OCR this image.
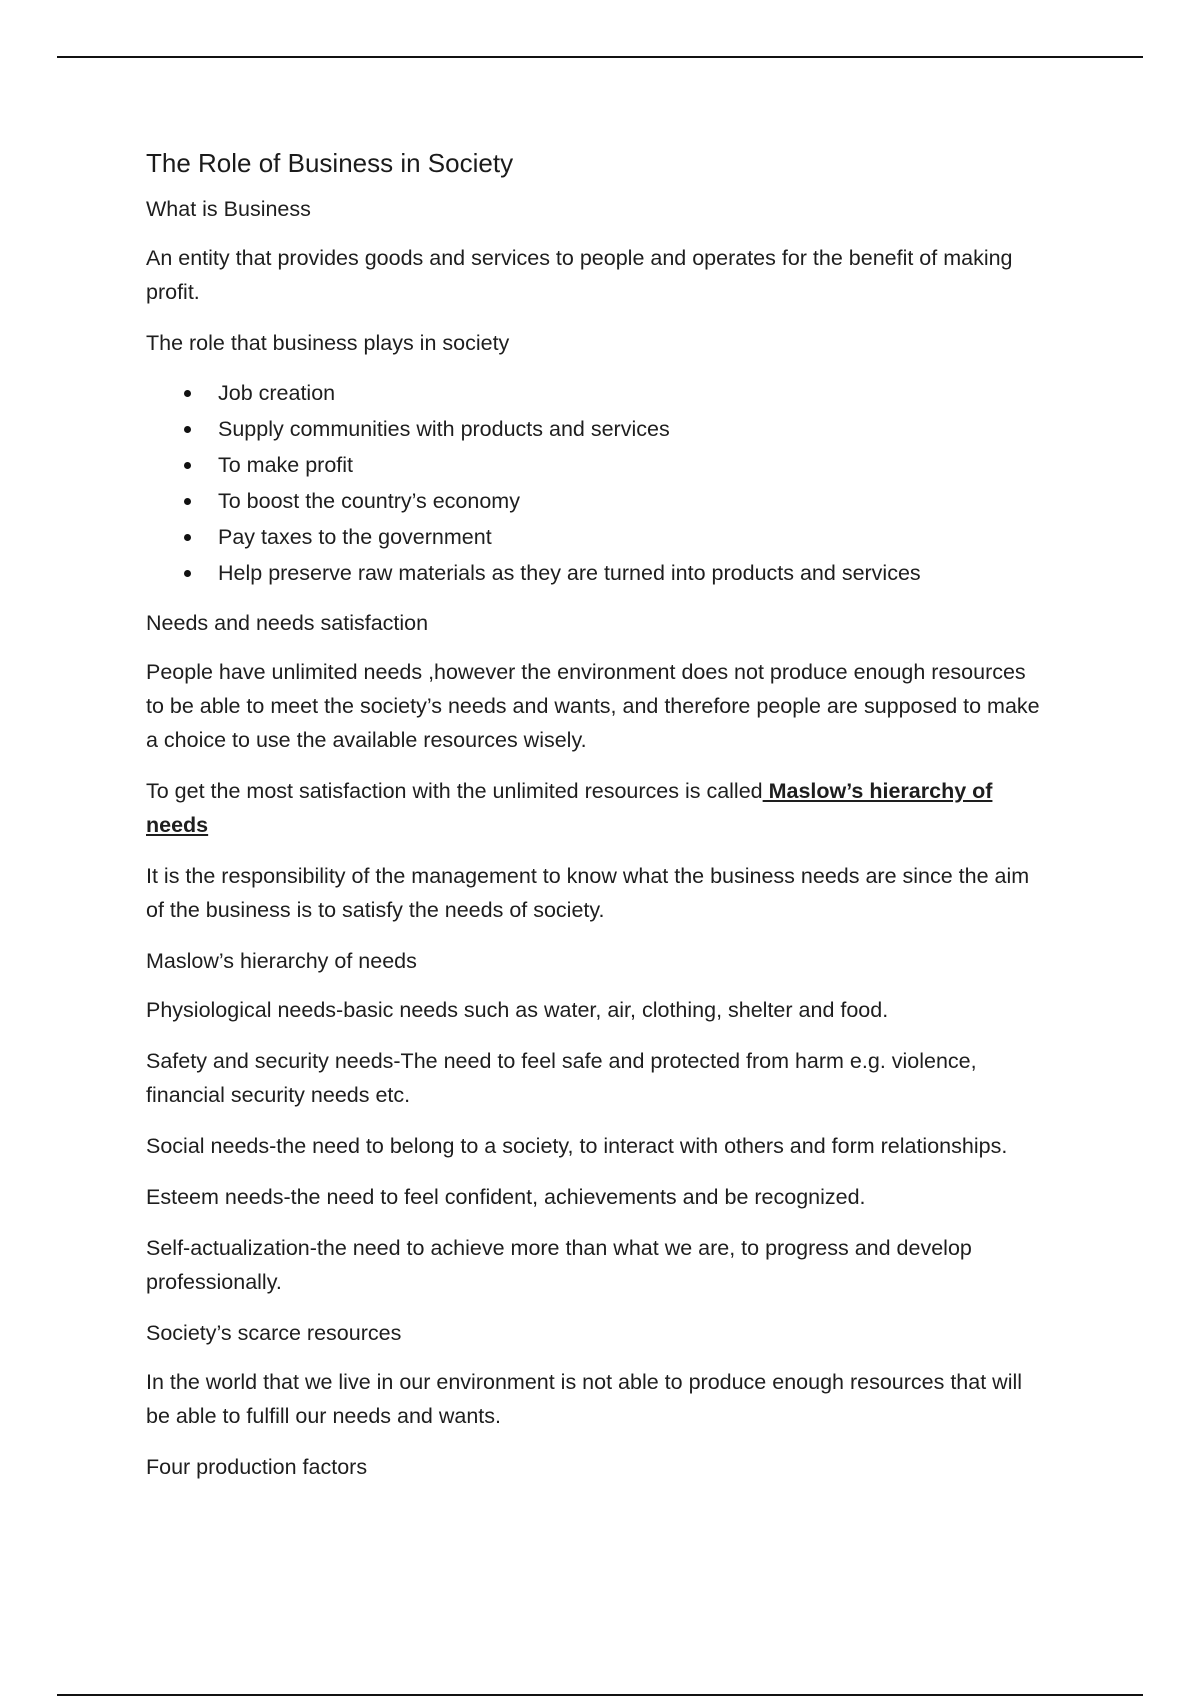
The Role of Business in Society

What is Business

An entity that provides goods and services to people and operates for the benefit of making profit.

The role that business plays in society

Job creation
Supply communities with products and services
To make profit
To boost the country’s economy
Pay taxes to the government
Help preserve raw materials as they are turned into products and services

Needs and needs satisfaction

People have unlimited needs ,however the environment does not produce enough resources to be able to meet the society’s needs and wants, and therefore people are supposed to make a choice to use the available resources wisely.

To get the most satisfaction with the unlimited resources is called Maslow’s hierarchy of needs

It is the responsibility of the management to know what the business needs are since the aim of the business is to satisfy the needs of society.

Maslow’s hierarchy of needs

Physiological needs-basic needs such as water, air, clothing, shelter and food.

Safety and security needs-The need to feel safe and protected from harm e.g. violence, financial security needs etc.

Social needs-the need to belong to a society, to interact with others and form relationships.

Esteem needs-the need to feel confident, achievements and be recognized.

Self-actualization-the need to achieve more than what we are, to progress and develop professionally.

Society’s scarce resources

In the world that we live in our environment is not able to produce enough resources that will be able to fulfill our needs and wants.

Four production factors
